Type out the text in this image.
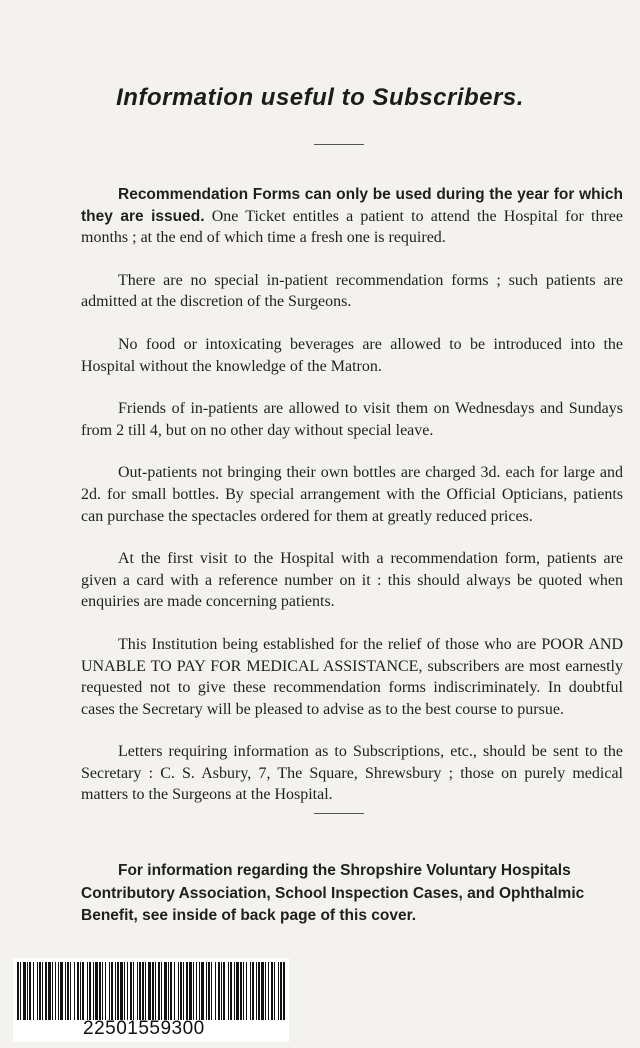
Information useful to Subscribers.

Recommendation Forms can only be used during the year for which they are issued. One Ticket entitles a patient to attend the Hospital for three months ; at the end of which time a fresh one is required.

There are no special in-patient recommendation forms ; such patients are admitted at the discretion of the Surgeons.

No food or intoxicating beverages are allowed to be introduced into the Hospital without the knowledge of the Matron.

Friends of in-patients are allowed to visit them on Wednesdays and Sundays from 2 till 4, but on no other day without special leave.

Out-patients not bringing their own bottles are charged 3d. each for large and 2d. for small bottles. By special arrangement with the Official Opticians, patients can purchase the spectacles ordered for them at greatly reduced prices.

At the first visit to the Hospital with a recommendation form, patients are given a card with a reference number on it : this should always be quoted when enquiries are made concerning patients.

This Institution being established for the relief of those who are POOR AND UNABLE TO PAY FOR MEDICAL ASSISTANCE, subscribers are most earnestly requested not to give these recommendation forms indiscriminately. In doubtful cases the Secretary will be pleased to advise as to the best course to pursue.

Letters requiring information as to Subscriptions, etc., should be sent to the Secretary : C. S. Asbury, 7, The Square, Shrewsbury ; those on purely medical matters to the Surgeons at the Hospital.

For information regarding the Shropshire Voluntary Hospitals
Contributory Association, School Inspection Cases, and Ophthalmic Benefit, see inside of back page of this cover.
22501559300
